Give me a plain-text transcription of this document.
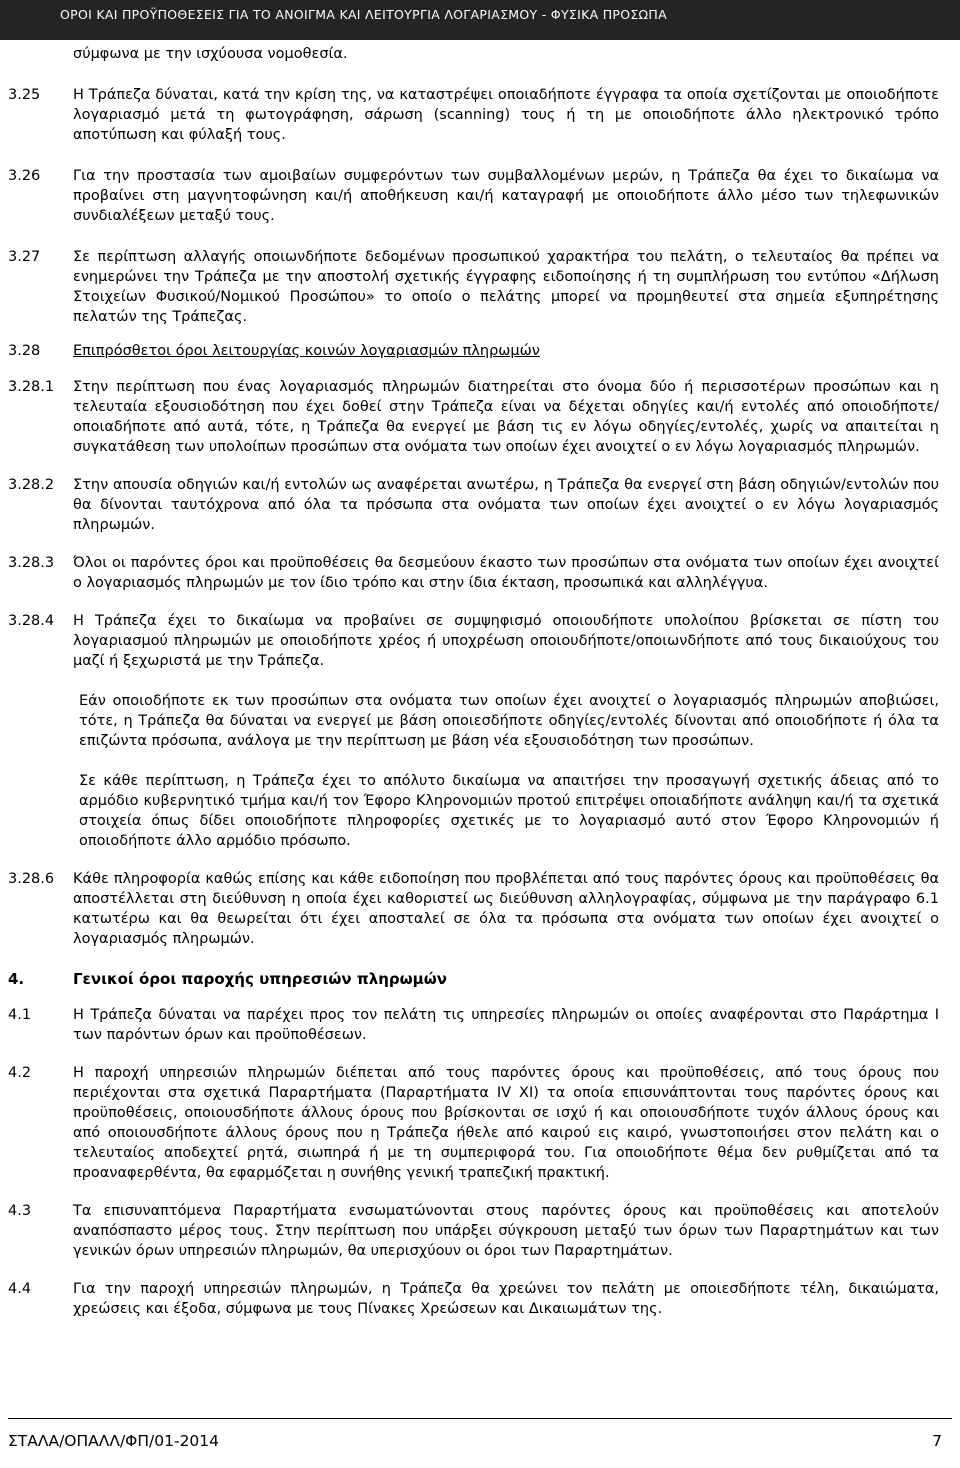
ΟΡΟΙ ΚΑΙ ΠΡΟΫΠΟΘΕΣΕΙΣ ΓΙΑ ΤΟ ΑΝΟΙΓΜΑ ΚΑΙ ΛΕΙΤΟΥΡΓΙΑ ΛΟΓΑΡΙΑΣΜΟΥ - ΦΥΣΙΚΑ ΠΡΟΣΩΠΑ
σύμφωνα με την ισχύουσα νομοθεσία.
3.25	Η Τράπεζα δύναται, κατά την κρίση της, να καταστρέψει οποιαδήποτε έγγραφα τα οποία σχετίζονται με οποιοδήποτε λογαριασμό μετά τη φωτογράφηση, σάρωση (scanning) τους ή τη με οποιοδήποτε άλλο ηλεκτρονικό τρόπο αποτύπωση και φύλαξή τους.
3.26	Για την προστασία των αμοιβαίων συμφερόντων των συμβαλλομένων μερών, η Τράπεζα θα έχει το δικαίωμα να προβαίνει στη μαγνητοφώνηση και/ή αποθήκευση και/ή καταγραφή με οποιοδήποτε άλλο μέσο των τηλεφωνικών συνδιαλέξεων μεταξύ τους.
3.27	Σε περίπτωση αλλαγής οποιωνδήποτε δεδομένων προσωπικού χαρακτήρα του πελάτη, ο τελευταίος θα πρέπει να ενημερώνει την Τράπεζα με την αποστολή σχετικής έγγραφης ειδοποίησης ή τη συμπλήρωση του εντύπου «Δήλωση Στοιχείων Φυσικού/Νομικού Προσώπου» το οποίο ο πελάτης μπορεί να προμηθευτεί στα σημεία εξυπηρέτησης πελατών της Τράπεζας.
3.28	Επιπρόσθετοι όροι λειτουργίας κοινών λογαριασμών πληρωμών
3.28.1	Στην περίπτωση που ένας λογαριασμός πληρωμών διατηρείται στο όνομα δύο ή περισσοτέρων προσώπων και η τελευταία εξουσιοδότηση που έχει δοθεί στην Τράπεζα είναι να δέχεται οδηγίες και/ή εντολές από οποιοδήποτε/οποιαδήποτε από αυτά, τότε, η Τράπεζα θα ενεργεί με βάση τις εν λόγω οδηγίες/εντολές, χωρίς να απαιτείται η συγκατάθεση των υπολοίπων προσώπων στα ονόματα των οποίων έχει ανοιχτεί ο εν λόγω λογαριασμός πληρωμών.
3.28.2	Στην απουσία οδηγιών και/ή εντολών ως αναφέρεται ανωτέρω, η Τράπεζα θα ενεργεί στη βάση οδηγιών/εντολών που θα δίνονται ταυτόχρονα από όλα τα πρόσωπα στα ονόματα των οποίων έχει ανοιχτεί ο εν λόγω λογαριασμός πληρωμών.
3.28.3	Όλοι οι παρόντες όροι και προϋποθέσεις θα δεσμεύουν έκαστο των προσώπων στα ονόματα των οποίων έχει ανοιχτεί ο λογαριασμός πληρωμών με τον ίδιο τρόπο και στην ίδια έκταση, προσωπικά και αλληλέγγυα.
3.28.4	Η Τράπεζα έχει το δικαίωμα να προβαίνει σε συμψηφισμό οποιουδήποτε υπολοίπου βρίσκεται σε πίστη του λογαριασμού πληρωμών με οποιοδήποτε χρέος ή υποχρέωση οποιουδήποτε/οποιωνδήποτε από τους δικαιούχους του μαζί ή ξεχωριστά με την Τράπεζα.
Εάν οποιοδήποτε εκ των προσώπων στα ονόματα των οποίων έχει ανοιχτεί ο λογαριασμός πληρωμών αποβιώσει, τότε, η Τράπεζα θα δύναται να ενεργεί με βάση οποιεσδήποτε οδηγίες/εντολές δίνονται από οποιοδήποτε ή όλα τα επιζώντα πρόσωπα, ανάλογα με την περίπτωση με βάση νέα εξουσιοδότηση των προσώπων.
Σε κάθε περίπτωση, η Τράπεζα έχει το απόλυτο δικαίωμα να απαιτήσει την προσαγωγή σχετικής άδειας από το αρμόδιο κυβερνητικό τμήμα και/ή τον Έφορο Κληρονομιών προτού επιτρέψει οποιαδήποτε ανάληψη και/ή τα σχετικά στοιχεία όπως δίδει οποιοδήποτε πληροφορίες σχετικές με το λογαριασμό αυτό στον Έφορο Κληρονομιών ή οποιοδήποτε άλλο αρμόδιο πρόσωπο.
3.28.6	Κάθε πληροφορία καθώς επίσης και κάθε ειδοποίηση που προβλέπεται από τους παρόντες όρους και προϋποθέσεις θα αποστέλλεται στη διεύθυνση η οποία έχει καθοριστεί ως διεύθυνση αλληλογραφίας, σύμφωνα με την παράγραφο 6.1 κατωτέρω και θα θεωρείται ότι έχει αποσταλεί σε όλα τα πρόσωπα στα ονόματα των οποίων έχει ανοιχτεί ο λογαριασμός πληρωμών.
4.	Γενικοί όροι παροχής υπηρεσιών πληρωμών
4.1	Η Τράπεζα δύναται να παρέχει προς τον πελάτη τις υπηρεσίες πληρωμών οι οποίες αναφέρονται στο Παράρτημα Ι των παρόντων όρων και προϋποθέσεων.
4.2	Η παροχή υπηρεσιών πληρωμών διέπεται από τους παρόντες όρους και προϋποθέσεις, από τους όρους που περιέχονται στα σχετικά Παραρτήματα (Παραρτήματα IV XI) τα οποία επισυνάπτονται τους παρόντες όρους και προϋποθέσεις, οποιουσδήποτε άλλους όρους που βρίσκονται σε ισχύ ή και οποιουσδήποτε τυχόν άλλους όρους και από οποιουσδήποτε άλλους όρους που η Τράπεζα ήθελε από καιρού εις καιρό, γνωστοποιήσει στον πελάτη και ο τελευταίος αποδεχτεί ρητά, σιωπηρά ή με τη συμπεριφορά του. Για οποιοδήποτε θέμα δεν ρυθμίζεται από τα προαναφερθέντα, θα εφαρμόζεται η συνήθης γενική τραπεζική πρακτική.
4.3	Τα επισυναπτόμενα Παραρτήματα ενσωματώνονται στους παρόντες όρους και προϋποθέσεις και αποτελούν αναπόσπαστο μέρος τους. Στην περίπτωση που υπάρξει σύγκρουση μεταξύ των όρων των Παραρτημάτων και των γενικών όρων υπηρεσιών πληρωμών, θα υπερισχύουν οι όροι των Παραρτημάτων.
4.4	Για την παροχή υπηρεσιών πληρωμών, η Τράπεζα θα χρεώνει τον πελάτη με οποιεσδήποτε τέλη, δικαιώματα, χρεώσεις και έξοδα, σύμφωνα με τους Πίνακες Χρεώσεων και Δικαιωμάτων της.
ΣΤΑΛΑ/ΟΠΑΛΛ/ΦΠ/01-2014	7
